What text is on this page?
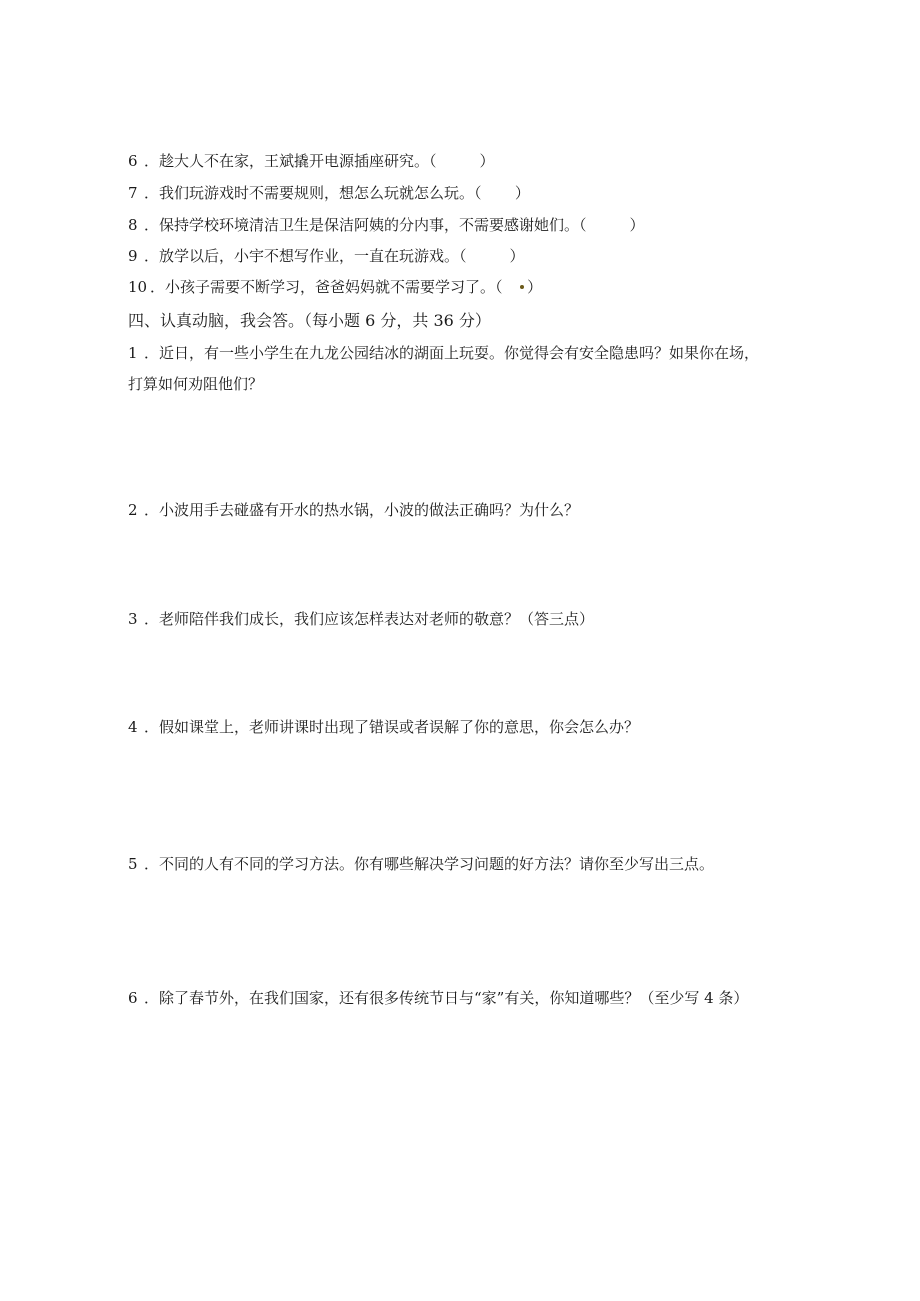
6 ．趁大人不在家，王斌撬开电源插座研究。（	）
7 ．我们玩游戏时不需要规则，想怎么玩就怎么玩。（ ）
8 ．保持学校环境清洁卫生是保洁阿姨的分内事，不需要感谢她们。（	）
9 ．放学以后，小宇不想写作业，一直在玩游戏。（	）
10 ．小孩子需要不断学习，爸爸妈妈就不需要学习了。（ ）
四、认真动脑，我会答。（每小题 6 分，共 36 分）
1 ．近日，有一些小学生在九龙公园结冰的湖面上玩耍。你觉得会有安全隐患吗？如果你在场，
打算如何劝阻他们？
2 ．小波用手去碰盛有开水的热水锅，小波的做法正确吗？为什么？
3 ．老师陪伴我们成长，我们应该怎样表达对老师的敬意？（答三点）
4 ．假如课堂上，老师讲课时出现了错误或者误解了你的意思，你会怎么办？
5 ．不同的人有不同的学习方法。你有哪些解决学习问题的好方法？请你至少写出三点。
6 ．除了春节外，在我们国家，还有很多传统节日与“家”有关，你知道哪些？（至少写 4 条）
